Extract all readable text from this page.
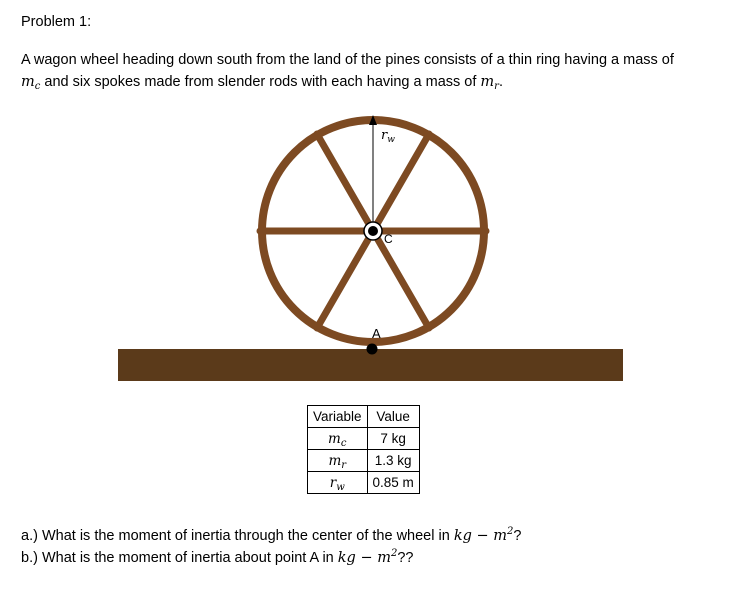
Problem 1:
A wagon wheel heading down south from the land of the pines consists of a thin ring having a mass of
$m_c$ and six spokes made from slender rods with each having a mass of $m_r$.
$r_w$
C
A
Variable	Value
$m_c$	7 kg
$m_r$	1.3 kg
$r_w$	0.85 m
a.) What is the moment of inertia through the center of the wheel in kg − $m^2$?
b.) What is the moment of inertia about point A in kg − $m^2$??
